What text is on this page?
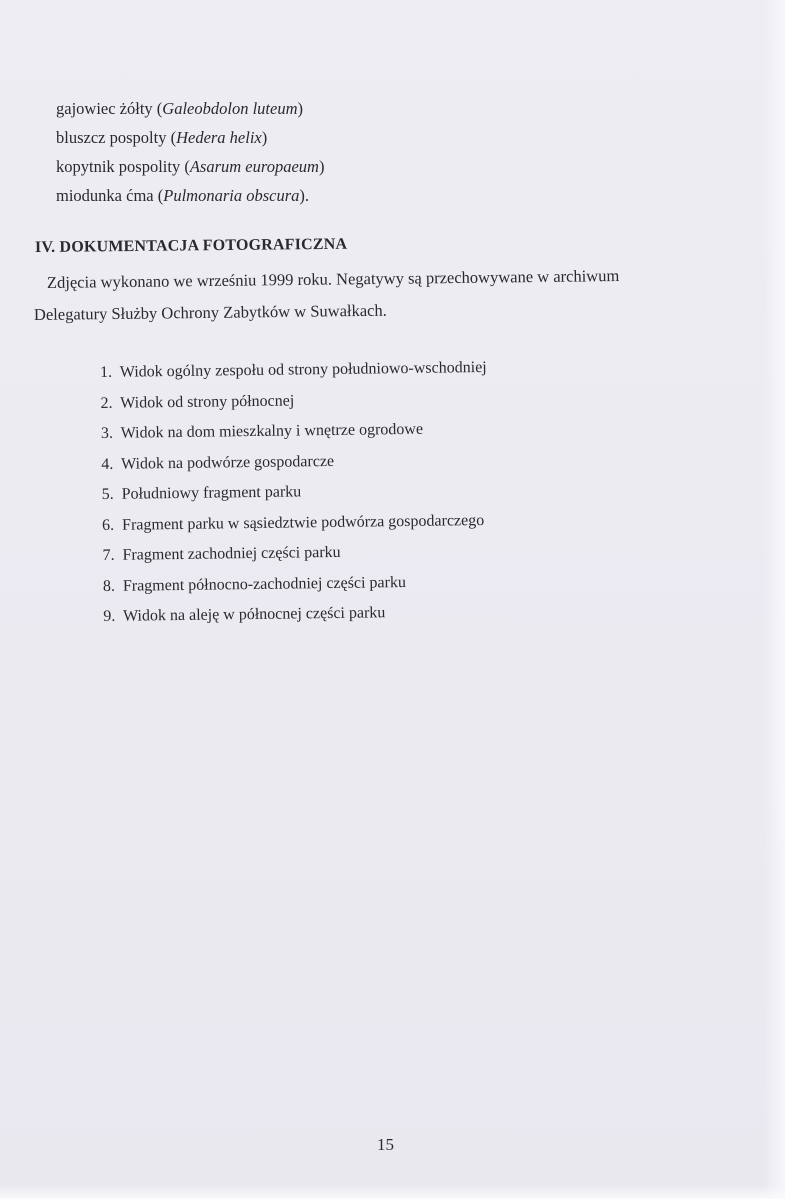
gajowiec żółty (Galeobdolon luteum)
bluszcz pospolty (Hedera helix)
kopytnik pospolity (Asarum europaeum)
miodunka ćma (Pulmonaria obscura).
IV. DOKUMENTACJA FOTOGRAFICZNA
Zdjęcia wykonano we wrześniu 1999 roku. Negatywy są przechowywane w archiwum
Delegatury Służby Ochrony Zabytków w Suwałkach.
1. Widok ogólny zespołu od strony południowo-wschodniej
2. Widok od strony północnej
3. Widok na dom mieszkalny i wnętrze ogrodowe
4. Widok na podwórze gospodarcze
5. Południowy fragment parku
6. Fragment parku w sąsiedztwie podwórza gospodarczego
7. Fragment zachodniej części parku
8. Fragment północno-zachodniej części parku
9. Widok na aleję w północnej części parku
15
